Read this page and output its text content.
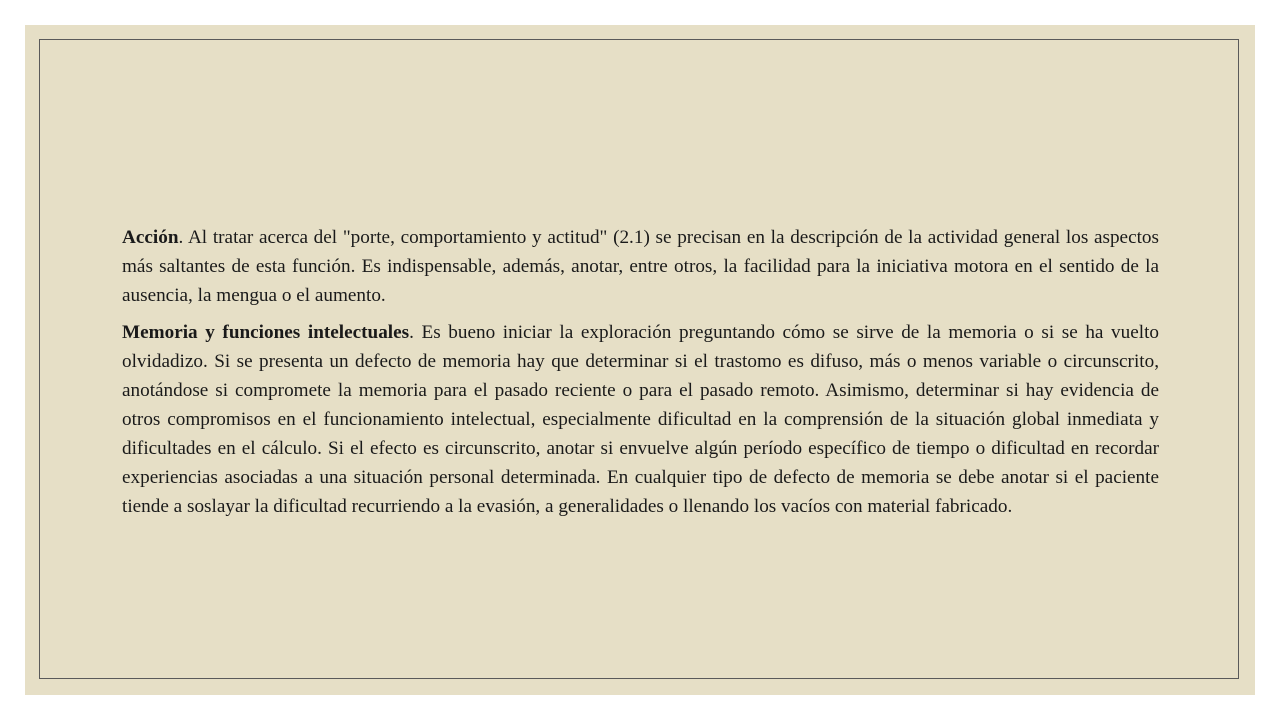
Acción. Al tratar acerca del "porte, comportamiento y actitud" (2.1) se precisan en la descripción de la actividad general los aspectos más saltantes de esta función. Es indispensable, además, anotar, entre otros, la facilidad para la iniciativa motora en el sentido de la ausencia, la mengua o el aumento.

Memoria y funciones intelectuales. Es bueno iniciar la exploración preguntando cómo se sirve de la memoria o si se ha vuelto olvidadizo. Si se presenta un defecto de memoria hay que determinar si el trastomo es difuso, más o menos variable o circunscrito, anotándose si compromete la memoria para el pasado reciente o para el pasado remoto. Asimismo, determinar si hay evidencia de otros compromisos en el funcionamiento intelectual, especialmente dificultad en la comprensión de la situación global inmediata y dificultades en el cálculo. Si el efecto es circunscrito, anotar si envuelve algún período específico de tiempo o dificultad en recordar experiencias asociadas a una situación personal determinada. En cualquier tipo de defecto de memoria se debe anotar si el paciente tiende a soslayar la dificultad recurriendo a la evasión, a generalidades o llenando los vacíos con material fabricado.
